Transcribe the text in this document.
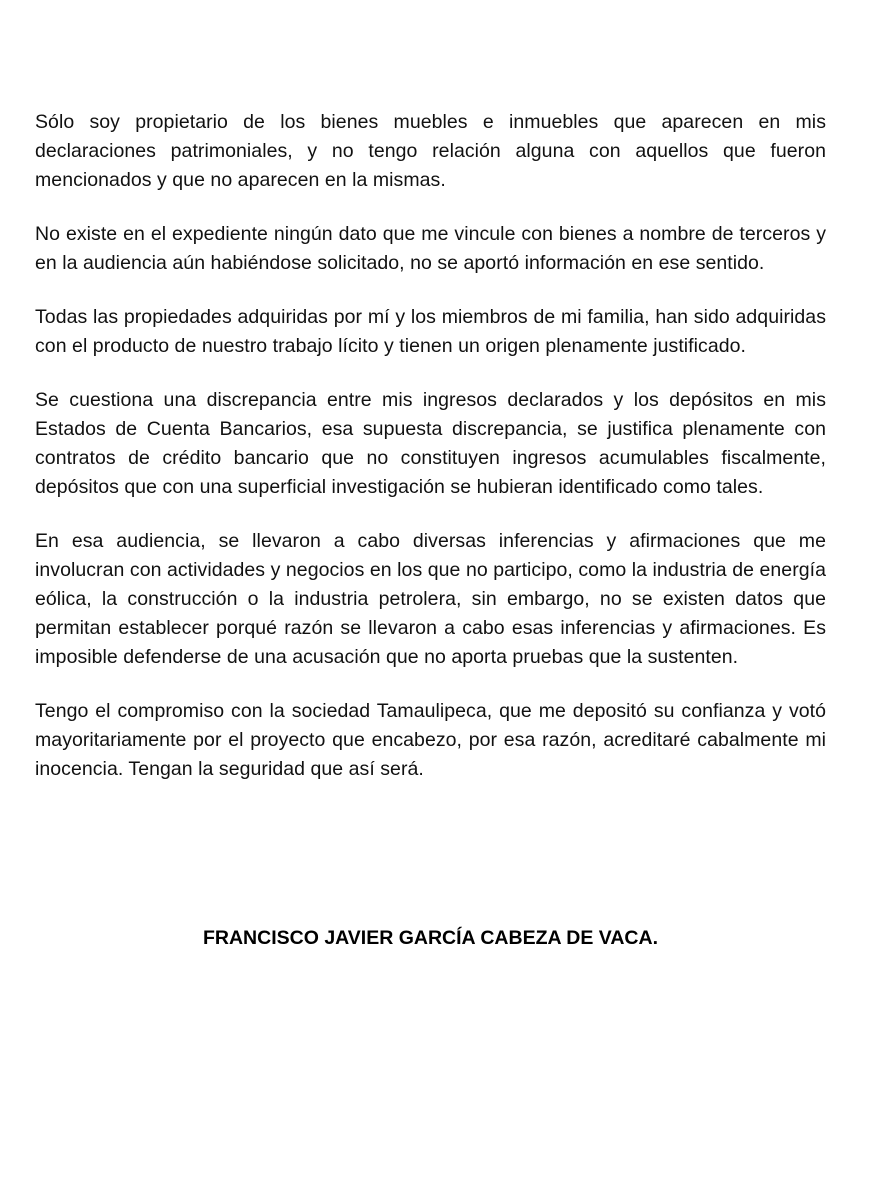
Sólo soy propietario de los bienes muebles e inmuebles que aparecen en mis declaraciones patrimoniales, y no tengo relación alguna con aquellos que fueron mencionados y que no aparecen en la mismas.

No existe en el expediente ningún dato que me vincule con bienes a nombre de terceros y en la audiencia aún habiéndose solicitado, no se aportó información en ese sentido.

Todas las propiedades adquiridas por mí y los miembros de mi familia, han sido adquiridas con el producto de nuestro trabajo lícito y tienen un origen plenamente justificado.

Se cuestiona una discrepancia entre mis ingresos declarados y los depósitos en mis Estados de Cuenta Bancarios, esa supuesta discrepancia, se justifica plenamente con contratos de crédito bancario que no constituyen ingresos acumulables fiscalmente, depósitos que con una superficial investigación se hubieran identificado como tales.

En esa audiencia, se llevaron a cabo diversas inferencias y afirmaciones que me involucran con actividades y negocios en los que no participo, como la industria de energía eólica, la construcción o la industria petrolera, sin embargo, no se existen datos que permitan establecer porqué razón se llevaron a cabo esas inferencias y afirmaciones. Es imposible defenderse de una acusación que no aporta pruebas que la sustenten.

Tengo el compromiso con la sociedad Tamaulipeca, que me depositó su confianza y votó mayoritariamente por el proyecto que encabezo, por esa razón, acreditaré cabalmente mi inocencia. Tengan la seguridad que así será.

FRANCISCO JAVIER GARCÍA CABEZA DE VACA.
